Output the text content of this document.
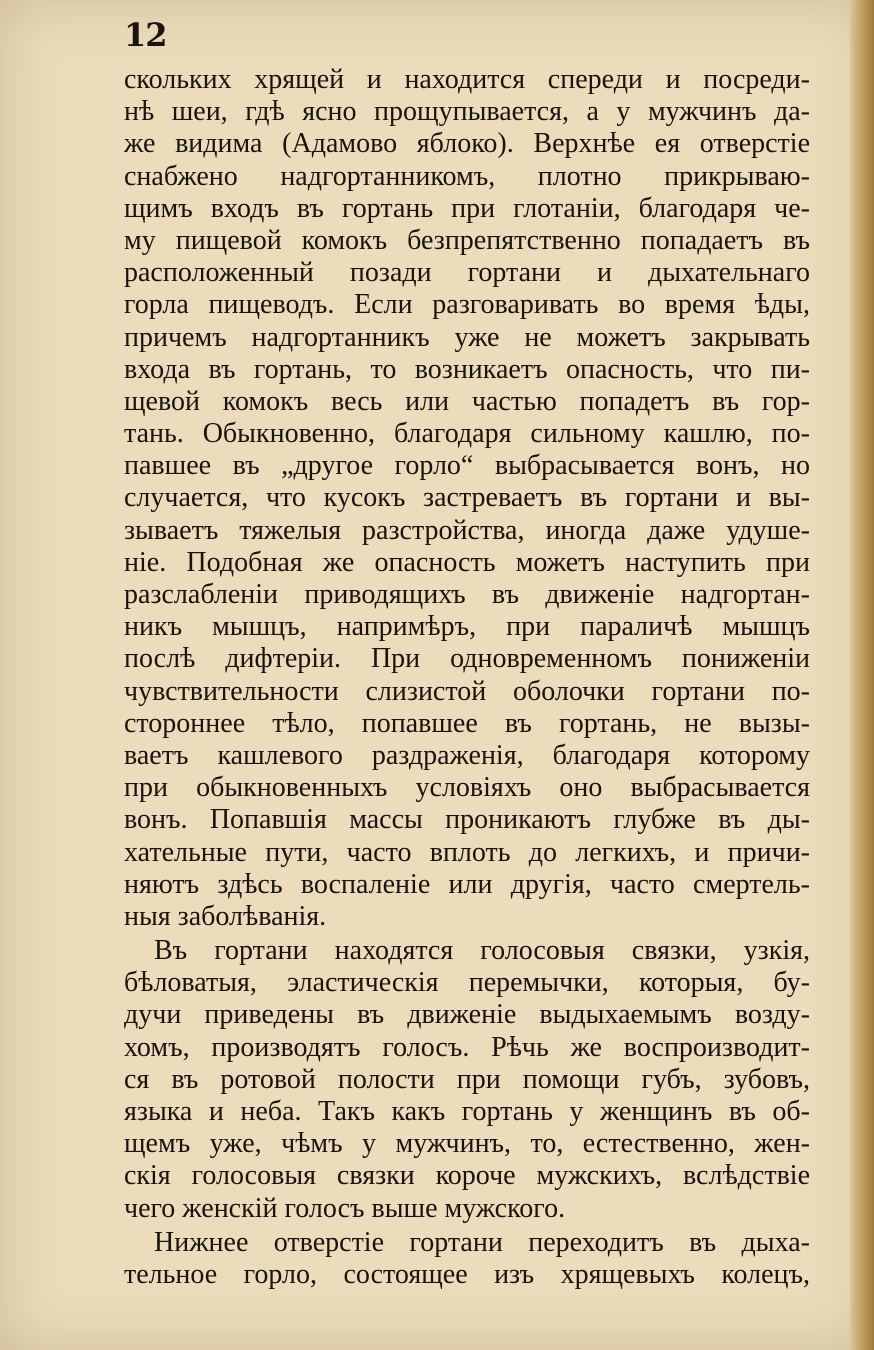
12
скольких хрящей и находится спереди и посреди-
нѣ шеи, гдѣ ясно прощупывается, а у мужчинъ да-
же видима (Адамово яблоко). Верхнѣе ея отверстіе
снабжено надгортанникомъ, плотно прикрываю-
щимъ входъ въ гортань при глотаніи, благодаря че-
му пищевой комокъ безпрепятственно попадаетъ въ
расположенный позади гортани и дыхательнаго
горла пищеводъ. Если разговаривать во время ѣды,
причемъ надгортанникъ уже не можетъ закрывать
входа въ гортань, то возникаетъ опасность, что пи-
щевой комокъ весь или частью попадетъ въ гор-
тань. Обыкновенно, благодаря сильному кашлю, по-
павшее въ „другое горло“ выбрасывается вонъ, но
случается, что кусокъ застреваетъ въ гортани и вы-
зываетъ тяжелыя разстройства, иногда даже удуше-
ніе. Подобная же опасность можетъ наступить при
разслабленіи приводящихъ въ движеніе надгортан-
никъ мышцъ, напримѣръ, при параличѣ мышцъ
послѣ дифтеріи. При одновременномъ пониженіи
чувствительности слизистой оболочки гортани по-
стороннее тѣло, попавшее въ гортань, не вызы-
ваетъ кашлевого раздраженія, благодаря которому
при обыкновенныхъ условіяхъ оно выбрасывается
вонъ. Попавшія массы проникаютъ глубже въ ды-
хательные пути, часто вплоть до легкихъ, и причи-
няютъ здѣсь воспаленіе или другія, часто смертель-
ныя заболѣванія.
Въ гортани находятся голосовыя связки, узкія,
бѣловатыя, эластическія перемычки, которыя, бу-
дучи приведены въ движеніе выдыхаемымъ возду-
хомъ, производятъ голосъ. Рѣчь же воспроизводит-
ся въ ротовой полости при помощи губъ, зубовъ,
языка и неба. Такъ какъ гортань у женщинъ въ об-
щемъ уже, чѣмъ у мужчинъ, то, естественно, жен-
скія голосовыя связки короче мужскихъ, вслѣдствіе
чего женскій голосъ выше мужского.
Нижнее отверстіе гортани переходитъ въ дыха-
тельное горло, состоящее изъ хрящевыхъ колецъ,
